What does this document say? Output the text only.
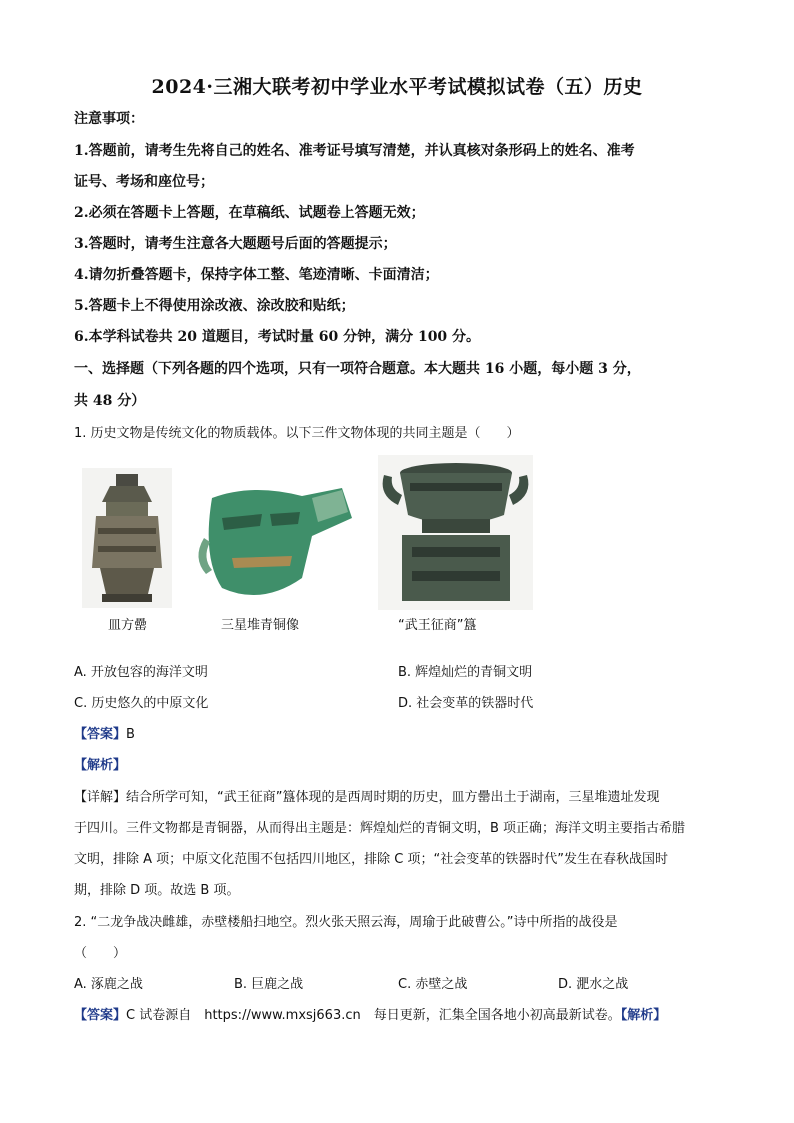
2024·三湘大联考初中学业水平考试模拟试卷（五）历史
注意事项：
1.答题前，请考生先将自己的姓名、准考证号填写清楚，并认真核对条形码上的姓名、准考
证号、考场和座位号；
2.必须在答题卡上答题，在草稿纸、试题卷上答题无效；
3.答题时，请考生注意各大题题号后面的答题提示；
4.请勿折叠答题卡，保持字体工整、笔迹清晰、卡面清洁；
5.答题卡上不得使用涂改液、涂改胶和贴纸；
6.本学科试卷共 20 道题目，考试时量 60 分钟，满分 100 分。
一、选择题（下列各题的四个选项，只有一项符合题意。本大题共 16 小题，每小题 3 分，
共 48 分）
1. 历史文物是传统文化的物质载体。以下三件文物体现的共同主题是（　　）
皿方罍	三星堆青铜像	“武王征商”簋
A. 开放包容的海洋文明	B. 辉煌灿烂的青铜文明
C. 历史悠久的中原文化	D. 社会变革的铁器时代
【答案】B
【解析】
【详解】结合所学可知，“武王征商”簋体现的是西周时期的历史，皿方罍出土于湖南，三星堆遗址发现
于四川。三件文物都是青铜器，从而得出主题是：辉煌灿烂的青铜文明，B 项正确；海洋文明主要指古希腊
文明，排除 A 项；中原文化范围不包括四川地区，排除 C 项；“社会变革的铁器时代”发生在春秋战国时
期，排除 D 项。故选 B 项。
2. “二龙争战决雌雄，赤壁楼船扫地空。烈火张天照云海，周瑜于此破曹公。”诗中所指的战役是
（　　）
A. 涿鹿之战	B. 巨鹿之战	C. 赤壁之战	D. 淝水之战
【答案】C 试卷源自　https://www.mxsj663.cn　每日更新，汇集全国各地小初高最新试卷。【解析】
